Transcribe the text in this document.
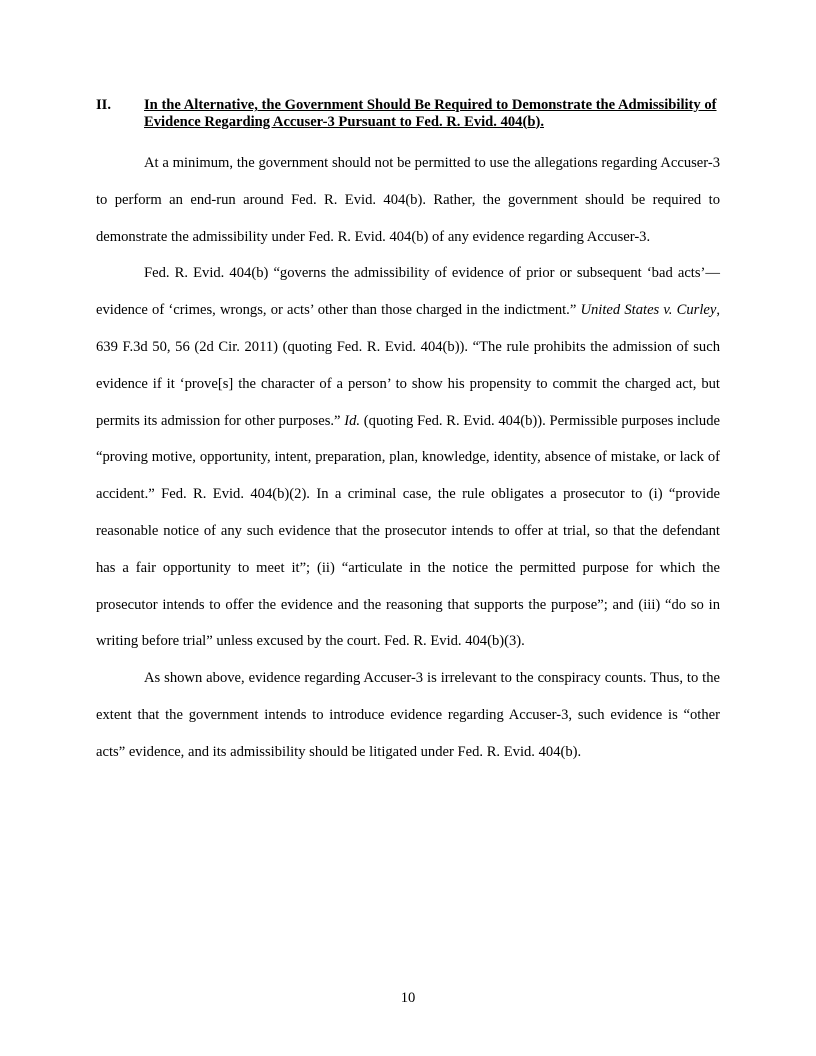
II. In the Alternative, the Government Should Be Required to Demonstrate the Admissibility of Evidence Regarding Accuser-3 Pursuant to Fed. R. Evid. 404(b).

At a minimum, the government should not be permitted to use the allegations regarding Accuser-3 to perform an end-run around Fed. R. Evid. 404(b). Rather, the government should be required to demonstrate the admissibility under Fed. R. Evid. 404(b) of any evidence regarding Accuser-3.

Fed. R. Evid. 404(b) “governs the admissibility of evidence of prior or subsequent ‘bad acts’—evidence of ‘crimes, wrongs, or acts’ other than those charged in the indictment.” United States v. Curley, 639 F.3d 50, 56 (2d Cir. 2011) (quoting Fed. R. Evid. 404(b)). “The rule prohibits the admission of such evidence if it ‘prove[s] the character of a person’ to show his propensity to commit the charged act, but permits its admission for other purposes.” Id. (quoting Fed. R. Evid. 404(b)). Permissible purposes include “proving motive, opportunity, intent, preparation, plan, knowledge, identity, absence of mistake, or lack of accident.” Fed. R. Evid. 404(b)(2). In a criminal case, the rule obligates a prosecutor to (i) “provide reasonable notice of any such evidence that the prosecutor intends to offer at trial, so that the defendant has a fair opportunity to meet it”; (ii) “articulate in the notice the permitted purpose for which the prosecutor intends to offer the evidence and the reasoning that supports the purpose”; and (iii) “do so in writing before trial” unless excused by the court. Fed. R. Evid. 404(b)(3).

As shown above, evidence regarding Accuser-3 is irrelevant to the conspiracy counts. Thus, to the extent that the government intends to introduce evidence regarding Accuser-3, such evidence is “other acts” evidence, and its admissibility should be litigated under Fed. R. Evid. 404(b).

10
